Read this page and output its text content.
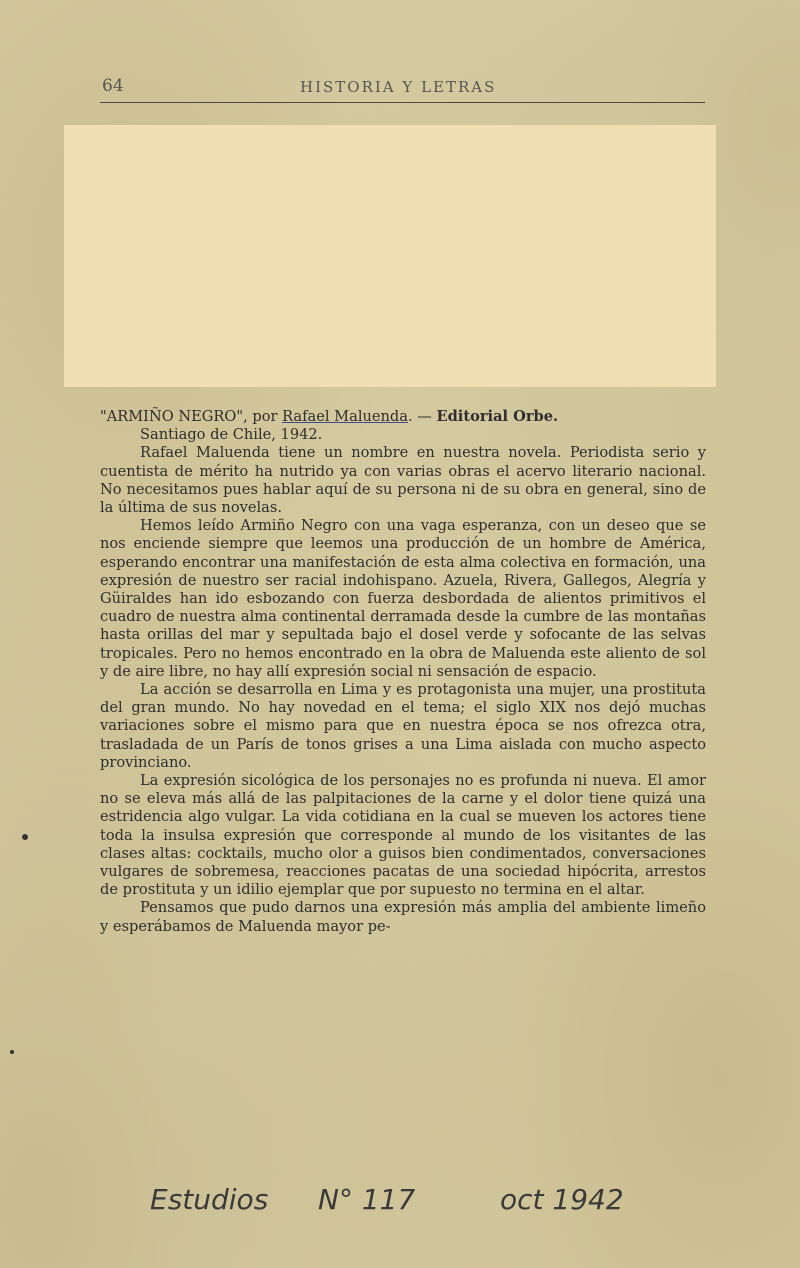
64	HISTORIA Y LETRAS

"ARMIÑO NEGRO", por Rafael Maluenda. — Editorial Orbe.

Santiago de Chile, 1942.

Rafael Maluenda tiene un nombre en nuestra novela. Periodista serio y cuentista de mérito ha nutrido ya con varias obras el acervo literario nacional. No necesitamos pues hablar aquí de su persona ni de su obra en general, sino de la última de sus novelas.

Hemos leído Armiño Negro con una vaga esperanza, con un deseo que se nos enciende siempre que leemos una producción de un hombre de América, esperando encontrar una manifestación de esta alma colectiva en formación, una expresión de nuestro ser racial indohispano. Azuela, Rivera, Gallegos, Alegría y Güiraldes han ido esbozando con fuerza desbordada de alientos primitivos el cuadro de nuestra alma continental derramada desde la cumbre de las montañas hasta orillas del mar y sepultada bajo el dosel verde y sofocante de las selvas tropicales. Pero no hemos encontrado en la obra de Maluenda este aliento de sol y de aire libre, no hay allí expresión social ni sensación de espacio.

La acción se desarrolla en Lima y es protagonista una mujer, una prostituta del gran mundo. No hay novedad en el tema; el siglo XIX nos dejó muchas variaciones sobre el mismo para que en nuestra época se nos ofrezca otra, trasladada de un París de tonos grises a una Lima aislada con mucho aspecto provinciano.

La expresión sicológica de los personajes no es profunda ni nueva. El amor no se eleva más allá de las palpitaciones de la carne y el dolor tiene quizá una estridencia algo vulgar. La vida cotidiana en la cual se mueven los actores tiene toda la insulsa expresión que corresponde al mundo de los visitantes de las clases altas: cocktails, mucho olor a guisos bien condimentados, conversaciones vulgares de sobremesa, reacciones pacatas de una sociedad hipócrita, arrestos de prostituta y un idilio ejemplar que por supuesto no termina en el altar.

Pensamos que pudo darnos una expresión más amplia del ambiente limeño y esperábamos de Maluenda mayor pe-

Estudios N° 117	oct 1942
